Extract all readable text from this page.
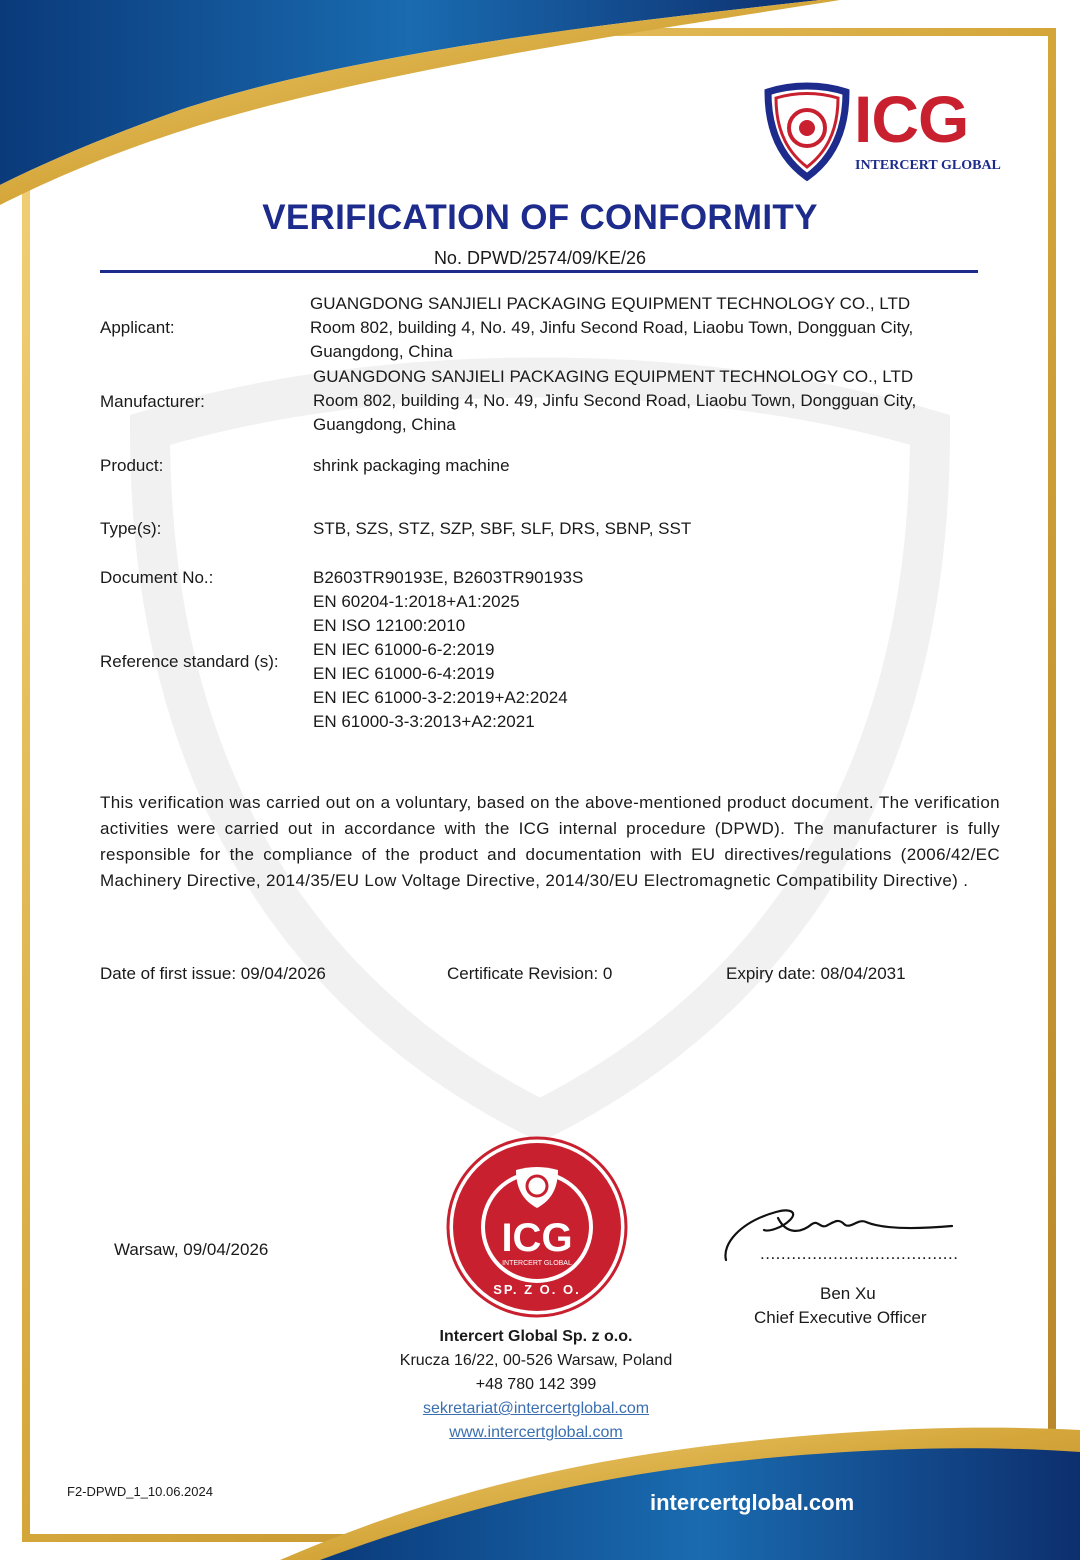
ICG
INTERCERT GLOBAL
VERIFICATION OF CONFORMITY
No. DPWD/2574/09/KE/26
Applicant:
GUANGDONG SANJIELI PACKAGING EQUIPMENT TECHNOLOGY CO., LTD
Room 802, building 4, No. 49, Jinfu Second Road, Liaobu Town, Dongguan City,
Guangdong, China
Manufacturer:
GUANGDONG SANJIELI PACKAGING EQUIPMENT TECHNOLOGY CO., LTD
Room 802, building 4, No. 49, Jinfu Second Road, Liaobu Town, Dongguan City,
Guangdong, China
Product:	shrink packaging machine
Type(s):	STB, SZS, STZ, SZP, SBF, SLF, DRS, SBNP, SST
Document No.:	B2603TR90193E, B2603TR90193S
Reference standard (s):
EN 60204-1:2018+A1:2025
EN ISO 12100:2010
EN IEC 61000-6-2:2019
EN IEC 61000-6-4:2019
EN IEC 61000-3-2:2019+A2:2024
EN 61000-3-3:2013+A2:2021
This verification was carried out on a voluntary, based on the above-mentioned product document. The verification activities were carried out in accordance with the ICG internal procedure (DPWD). The manufacturer is fully responsible for the compliance of the product and documentation with EU directives/regulations (2006/42/EC Machinery Directive, 2014/35/EU Low Voltage Directive, 2014/30/EU Electromagnetic Compatibility Directive) .
Date of first issue: 09/04/2026	Certificate Revision: 0	Expiry date: 08/04/2031
Warsaw, 09/04/2026	ICG
INTERCERT GLOBAL
SP. Z O. O.
......................................
Ben Xu
Chief Executive Officer
Intercert Global Sp. z o.o.
Krucza 16/22, 00-526 Warsaw, Poland
+48 780 142 399
sekretariat@intercertglobal.com
www.intercertglobal.com
F2-DPWD_1_10.06.2024	intercertglobal.com
